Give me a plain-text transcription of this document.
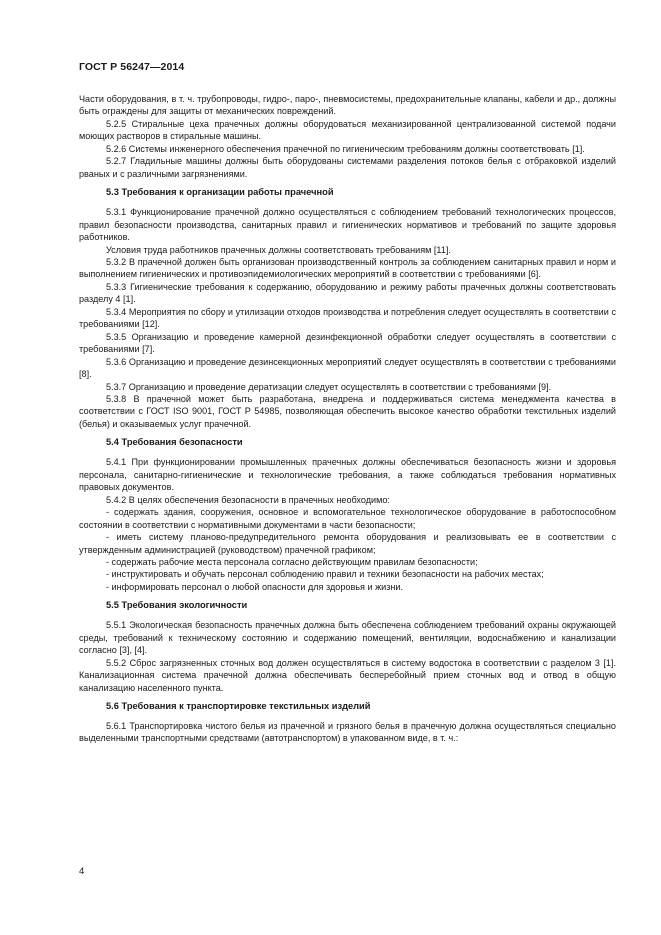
ГОСТ Р 56247—2014

Части оборудования, в т. ч. трубопроводы, гидро-, паро-, пневмосистемы, предохранительные клапаны, кабели и др., должны быть ограждены для защиты от механических повреждений.

5.2.5 Стиральные цеха прачечных должны оборудоваться механизированной централизованной системой подачи моющих растворов в стиральные машины.

5.2.6 Системы инженерного обеспечения прачечной по гигиеническим требованиям должны соответствовать [1].

5.2.7 Гладильные машины должны быть оборудованы системами разделения потоков белья с отбраковкой изделий рваных и с различными загрязнениями.

5.3 Требования к организации работы прачечной

5.3.1 Функционирование прачечной должно осуществляться с соблюдением требований технологических процессов, правил безопасности производства, санитарных правил и гигиенических нормативов и требований по защите здоровья работников.

Условия труда работников прачечных должны соответствовать требованиям [11].

5.3.2 В прачечной должен быть организован производственный контроль за соблюдением санитарных правил и норм и выполнением гигиенических и противоэпидемиологических мероприятий в соответствии с требованиями [6].

5.3.3 Гигиенические требования к содержанию, оборудованию и режиму работы прачечных должны соответствовать разделу 4 [1].

5.3.4 Мероприятия по сбору и утилизации отходов производства и потребления следует осуществлять в соответствии с требованиями [12].

5.3.5 Организацию и проведение камерной дезинфекционной обработки следует осуществлять в соответствии с требованиями [7].

5.3.6 Организацию и проведение дезинсекционных мероприятий следует осуществлять в соответствии с требованиями [8].

5.3.7 Организацию и проведение дератизации следует осуществлять в соответствии с требованиями [9].

5.3.8 В прачечной может быть разработана, внедрена и поддерживаться система менеджмента качества в соответствии с ГОСТ ISO 9001, ГОСТ Р 54985, позволяющая обеспечить высокое качество обработки текстильных изделий (белья) и оказываемых услуг прачечной.

5.4 Требования безопасности

5.4.1 При функционировании промышленных прачечных должны обеспечиваться безопасность жизни и здоровья персонала, санитарно-гигиенические и технологические требования, а также соблюдаться требования нормативных правовых документов.

5.4.2 В целях обеспечения безопасности в прачечных необходимо:

- содержать здания, сооружения, основное и вспомогательное технологическое оборудование в работоспособном состоянии в соответствии с нормативными документами в части безопасности;

- иметь систему планово-предупредительного ремонта оборудования и реализовывать ее в соответствии с утвержденным администрацией (руководством) прачечной графиком;

- содержать рабочие места персонала согласно действующим правилам безопасности;

- инструктировать и обучать персонал соблюдению правил и техники безопасности на рабочих местах;

- информировать персонал о любой опасности для здоровья и жизни.

5.5 Требования экологичности

5.5.1 Экологическая безопасность прачечных должна быть обеспечена соблюдением требований охраны окружающей среды, требований к техническому состоянию и содержанию помещений, вентиляции, водоснабжению и канализации согласно [3], [4].

5.5.2 Сброс загрязненных сточных вод должен осуществляться в систему водостока в соответствии с разделом 3 [1]. Канализационная система прачечной должна обеспечивать бесперебойный прием сточных вод и отвод в общую канализацию населенного пункта.

5.6 Требования к транспортировке текстильных изделий

5.6.1 Транспортировка чистого белья из прачечной и грязного белья в прачечную должна осуществляться специально выделенными транспортными средствами (автотранспортом) в упакованном виде, в т. ч.:

4
